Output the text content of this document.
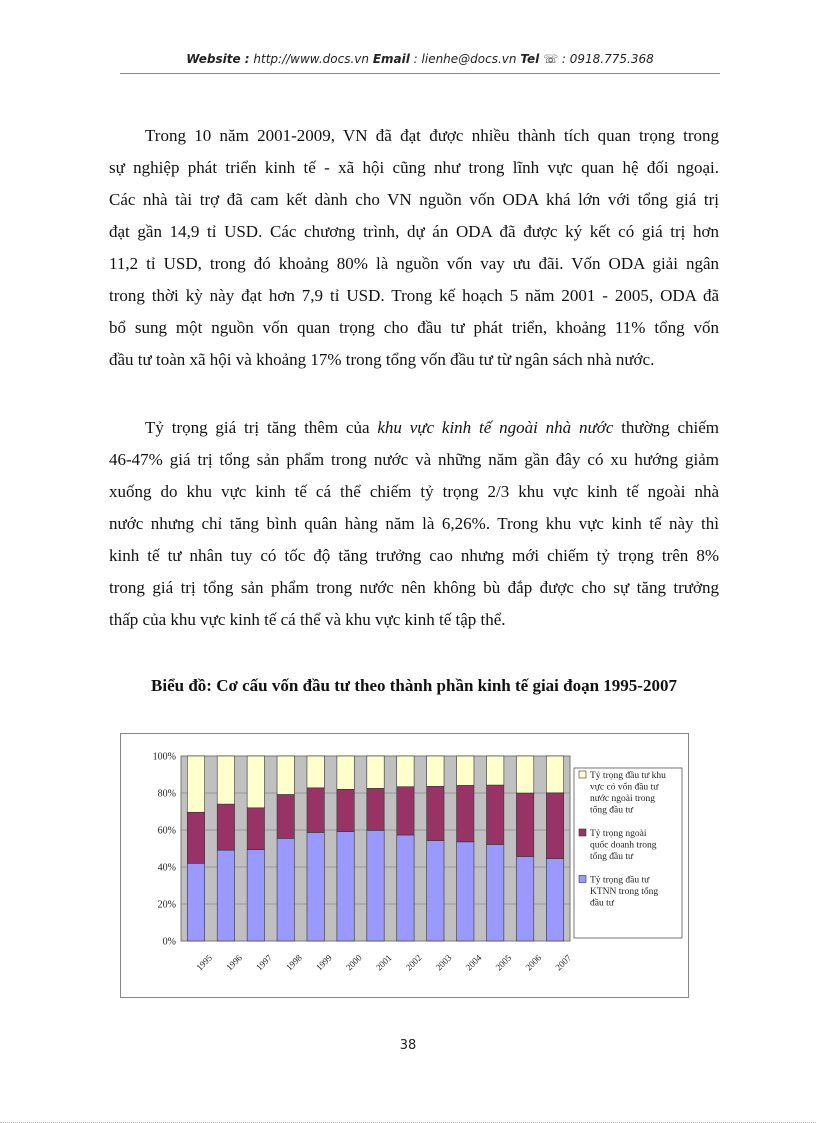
Website : http://www.docs.vn Email : lienhe@docs.vn Tel ☏ : 0918.775.368
Trong 10 năm 2001-2009, VN đã đạt được nhiều thành tích quan trọng trong
sự nghiệp phát triển kinh tế - xã hội cũng như trong lĩnh vực quan hệ đối ngoại.
Các nhà tài trợ đã cam kết dành cho VN nguồn vốn ODA khá lớn với tổng giá trị
đạt gần 14,9 tỉ USD. Các chương trình, dự án ODA đã được ký kết có giá trị hơn
11,2 tỉ USD, trong đó khoảng 80% là nguồn vốn vay ưu đãi. Vốn ODA giải ngân
trong thời kỳ này đạt hơn 7,9 tỉ USD. Trong kế hoạch 5 năm 2001 - 2005, ODA đã
bổ sung một nguồn vốn quan trọng cho đầu tư phát triển, khoảng 11% tổng vốn
đầu tư toàn xã hội và khoảng 17% trong tổng vốn đầu tư từ ngân sách nhà nước.
Tỷ trọng giá trị tăng thêm của khu vực kinh tế ngoài nhà nước thường chiếm
46-47% giá trị tổng sản phẩm trong nước và những năm gần đây có xu hướng giảm
xuống do khu vực kinh tế cá thể chiếm tỷ trọng 2/3 khu vực kinh tế ngoài nhà
nước nhưng chỉ tăng bình quân hàng năm là 6,26%. Trong khu vực kinh tế này thì
kinh tế tư nhân tuy có tốc độ tăng trưởng cao nhưng mới chiếm tỷ trọng trên 8%
trong giá trị tổng sản phẩm trong nước nên không bù đắp được cho sự tăng trưởng
thấp của khu vực kinh tế cá thể và khu vực kinh tế tập thể.
Biểu đồ: Cơ cấu vốn đầu tư theo thành phần kinh tế giai đoạn 1995-2007
0%
20%
40%
60%
80%
100%
1995 1996 1997 1998 1999 2000 2001 2002 2003 2004 2005 2006 2007
Tỷ trọng đầu tư khu
vực có vốn đầu tư
nước ngoài trong
tổng đầu tư
Tỷ trọng ngoài
quốc doanh trong
tổng đầu tư
Tỷ trọng đầu tư
KTNN trong tổng
đầu tư
38
